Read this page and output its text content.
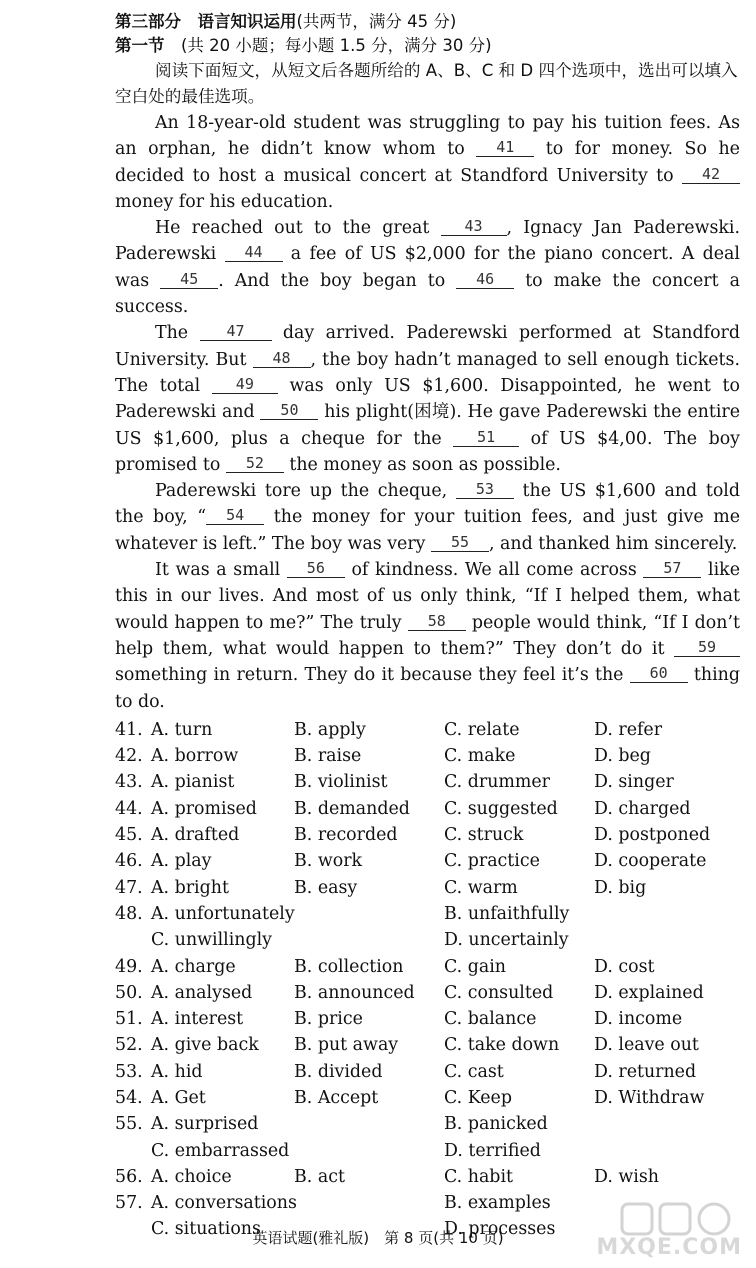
第三部分　语言知识运用(共两节，满分 45 分)
第一节　(共 20 小题；每小题 1.5 分，满分 30 分)
阅读下面短文，从短文后各题所给的 A、B、C 和 D 四个选项中，选出可以填入空白处的最佳选项。
An 18-year-old student was struggling to pay his tuition fees. As an orphan, he didn’t know whom to 41 to for money. So he decided to host a musical concert at Standford University to 42 money for his education.
He reached out to the great 43 , Ignacy Jan Paderewski. Paderewski 44 a fee of US $2,000 for the piano concert. A deal was 45 . And the boy began to 46 to make the concert a success.
The 47 day arrived. Paderewski performed at Standford University. But 48 , the boy hadn’t managed to sell enough tickets. The total 49 was only US $1,600. Disappointed, he went to Paderewski and 50 his plight(困境). He gave Paderewski the entire US $1,600, plus a cheque for the 51 of US $4,00. The boy promised to 52 the money as soon as possible.
Paderewski tore up the cheque, 53 the US $1,600 and told the boy, “ 54 the money for your tuition fees, and just give me whatever is left.” The boy was very 55 , and thanked him sincerely.
It was a small 56 of kindness. We all come across 57 like this in our lives. And most of us only think, “If I helped them, what would happen to me?” The truly 58 people would think, “If I don’t help them, what would happen to them?” They don’t do it 59 something in return. They do it because they feel it’s the 60 thing to do.
41. A. turn	B. apply	C. relate	D. refer
42. A. borrow	B. raise	C. make	D. beg
43. A. pianist	B. violinist	C. drummer	D. singer
44. A. promised	B. demanded	C. suggested	D. charged
45. A. drafted	B. recorded	C. struck	D. postponed
46. A. play	B. work	C. practice	D. cooperate
47. A. bright	B. easy	C. warm	D. big
48. A. unfortunately	B. unfaithfully
C. unwillingly	D. uncertainly
49. A. charge	B. collection	C. gain	D. cost
50. A. analysed	B. announced	C. consulted	D. explained
51. A. interest	B. price	C. balance	D. income
52. A. give back	B. put away	C. take down	D. leave out
53. A. hid	B. divided	C. cast	D. returned
54. A. Get	B. Accept	C. Keep	D. Withdraw
55. A. surprised	B. panicked
C. embarrassed	D. terrified
56. A. choice	B. act	C. habit	D. wish
57. A. conversations	B. examples
C. situations	D. processes
英语试题(雅礼版)　第 8 页(共 10 页)	MXQE.COM
